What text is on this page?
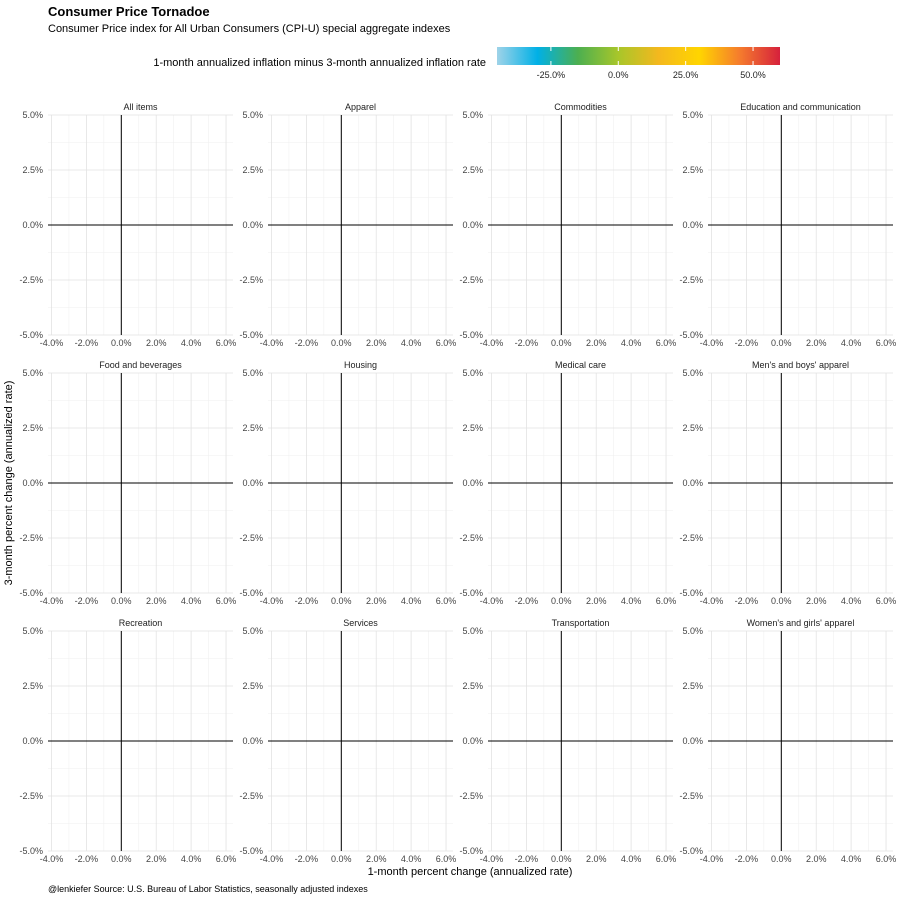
-25.0%	0.0%	25.0%	50.0%
All items
5.0%
2.5%
0.0%
-2.5%
-5.0%
-4.0% -2.0% 0.0% 2.0% 4.0% 6.0%
Apparel
5.0%
2.5%
0.0%
-2.5%
-5.0%
-4.0% -2.0% 0.0% 2.0% 4.0% 6.0%
Commodities
5.0%
2.5%
0.0%
-2.5%
-5.0%
-4.0% -2.0% 0.0% 2.0% 4.0% 6.0%
Education and communication
5.0%
2.5%
0.0%
-2.5%
-5.0%
-4.0% -2.0% 0.0% 2.0% 4.0% 6.0%
Food and beverages
5.0%
2.5%
0.0%
-2.5%
-5.0%
-4.0% -2.0% 0.0% 2.0% 4.0% 6.0%
Housing
5.0%
2.5%
0.0%
-2.5%
-5.0%
-4.0% -2.0% 0.0% 2.0% 4.0% 6.0%
Medical care
5.0%
2.5%
0.0%
-2.5%
-5.0%
-4.0% -2.0% 0.0% 2.0% 4.0% 6.0%
Men's and boys' apparel
5.0%
2.5%
0.0%
-2.5%
-5.0%
-4.0% -2.0% 0.0% 2.0% 4.0% 6.0%
Recreation
5.0%
2.5%
0.0%
-2.5%
-5.0%
-4.0% -2.0% 0.0% 2.0% 4.0% 6.0%
Services
5.0%
2.5%
0.0%
-2.5%
-5.0%
-4.0% -2.0% 0.0% 2.0% 4.0% 6.0%
Transportation
5.0%
2.5%
0.0%
-2.5%
-5.0%
-4.0% -2.0% 0.0% 2.0% 4.0% 6.0%
Women's and girls' apparel
5.0%
2.5%
0.0%
-2.5%
-5.0%
-4.0% -2.0% 0.0% 2.0% 4.0% 6.0%
Consumer Price Tornadoe
Consumer Price index for All Urban Consumers (CPI-U) special aggregate indexes
1-month annualized inflation minus 3-month annualized inflation rate
1-month percent change (annualized rate)
3-month percent change (annualized rate)
@lenkiefer Source: U.S. Bureau of Labor Statistics, seasonally adjusted indexes
